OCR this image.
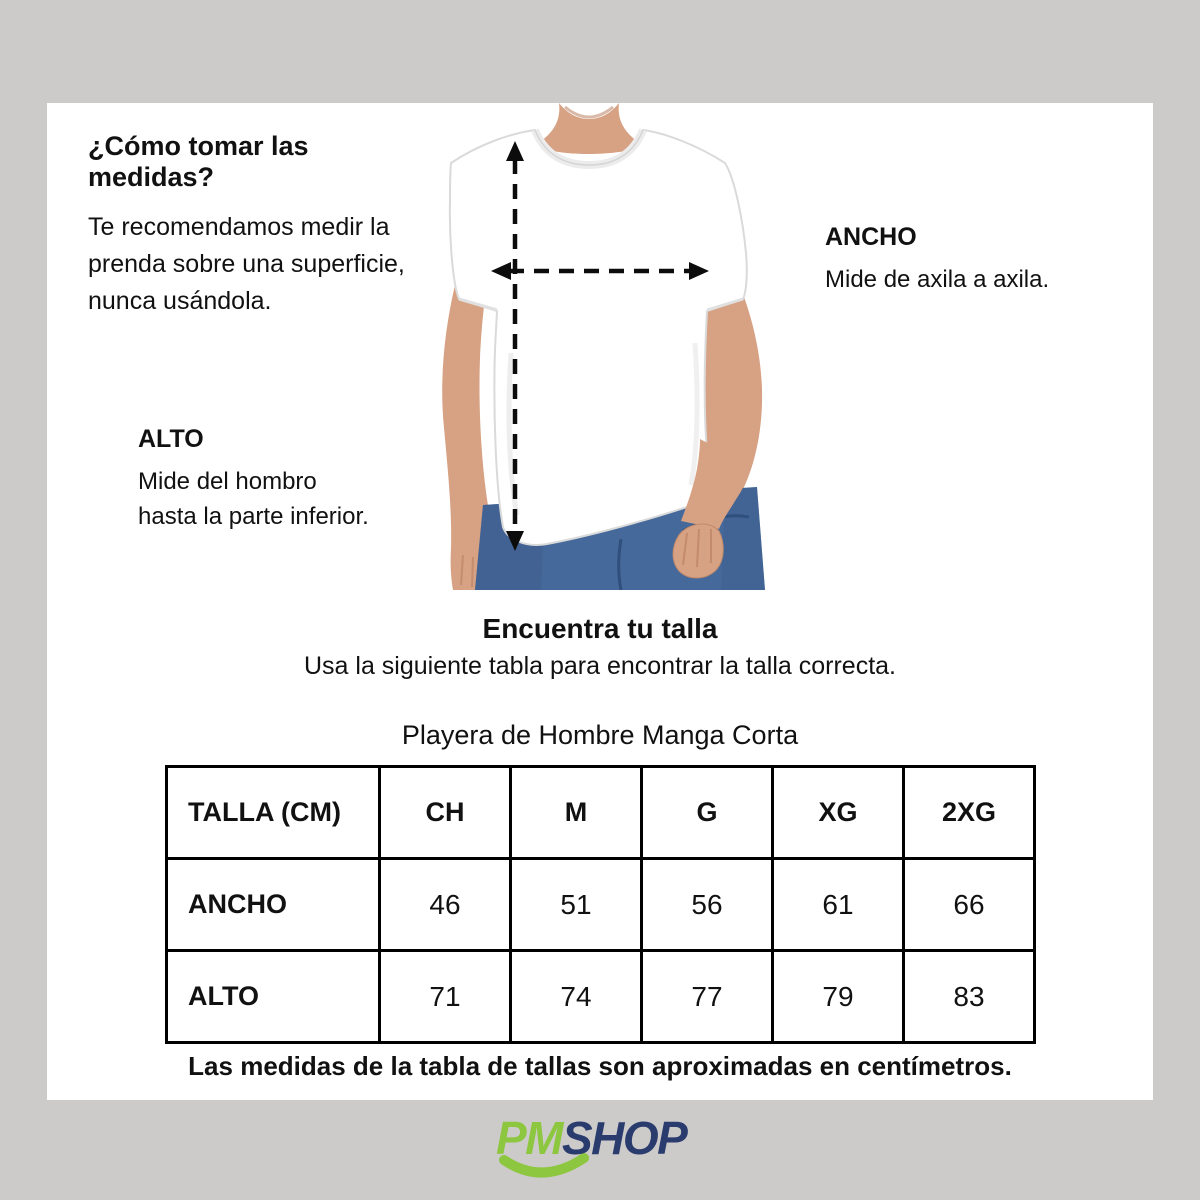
¿Cómo tomar las medidas?

Te recomendamos medir la
prenda sobre una superficie,
nunca usándola.

ANCHO
Mide de axila a axila.
ALTO
Mide del hombro
hasta la parte inferior.
Encuentra tu talla
Usa la siguiente tabla para encontrar la talla correcta.
Playera de Hombre Manga Corta
TALLA (CM)	CH	M	G	XG	2XG
ANCHO	46	51	56	61	66
ALTO	71	74	77	79	83
Las medidas de la tabla de tallas son aproximadas en centímetros.
PMSHOP
